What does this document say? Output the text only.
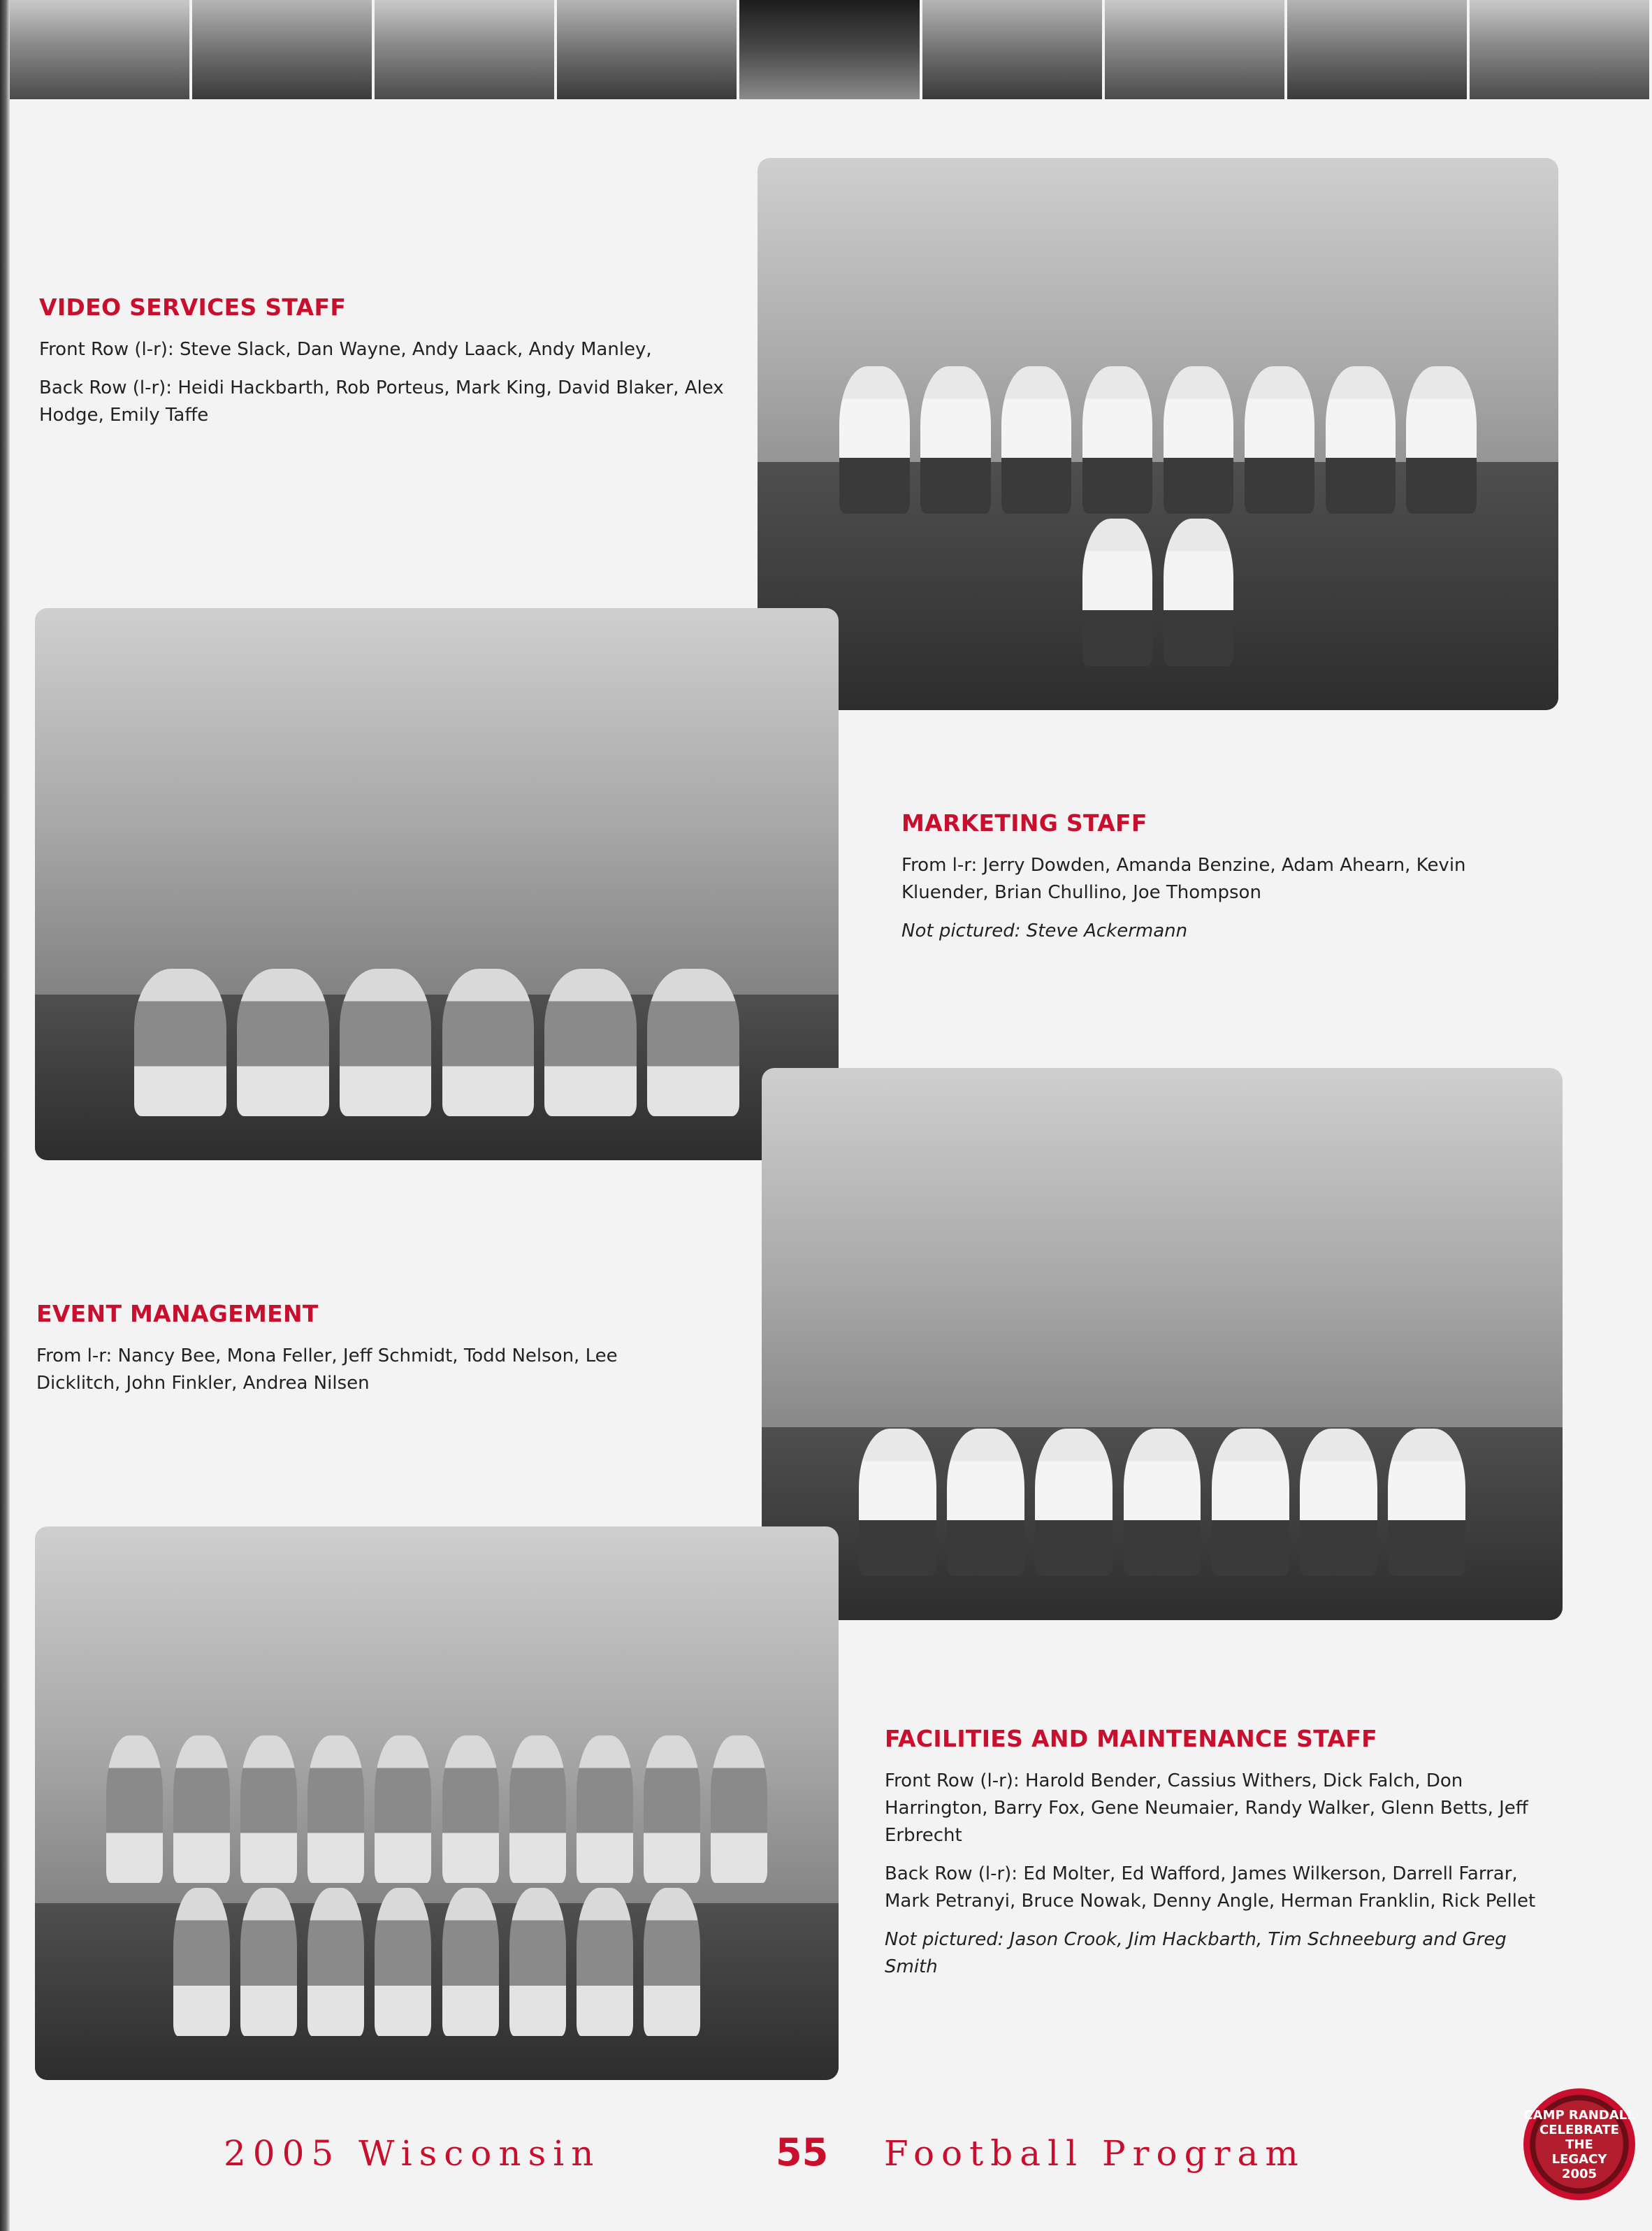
VIDEO SERVICES STAFF
Front Row (l-r): Steve Slack, Dan Wayne, Andy Laack, Andy Manley,
Back Row (l-r): Heidi Hackbarth, Rob Porteus, Mark King, David Blaker, Alex Hodge, Emily Taffe
MARKETING STAFF
From l-r: Jerry Dowden, Amanda Benzine, Adam Ahearn, Kevin Kluender, Brian Chullino, Joe Thompson
Not pictured: Steve Ackermann
EVENT MANAGEMENT
From l-r: Nancy Bee, Mona Feller, Jeff Schmidt, Todd Nelson, Lee Dicklitch, John Finkler, Andrea Nilsen
FACILITIES AND MAINTENANCE STAFF
Front Row (l-r): Harold Bender, Cassius Withers, Dick Falch, Don Harrington, Barry Fox, Gene Neumaier, Randy Walker, Glenn Betts, Jeff Erbrecht
Back Row (l-r): Ed Molter, Ed Wafford, James Wilkerson, Darrell Farrar, Mark Petranyi, Bruce Nowak, Denny Angle, Herman Franklin, Rick Pellet
Not pictured: Jason Crook, Jim Hackbarth, Tim Schneeburg and Greg Smith
2005 Wisconsin	55 Football Program
CAMP RANDALL
CELEBRATE
THE
LEGACY
2005
